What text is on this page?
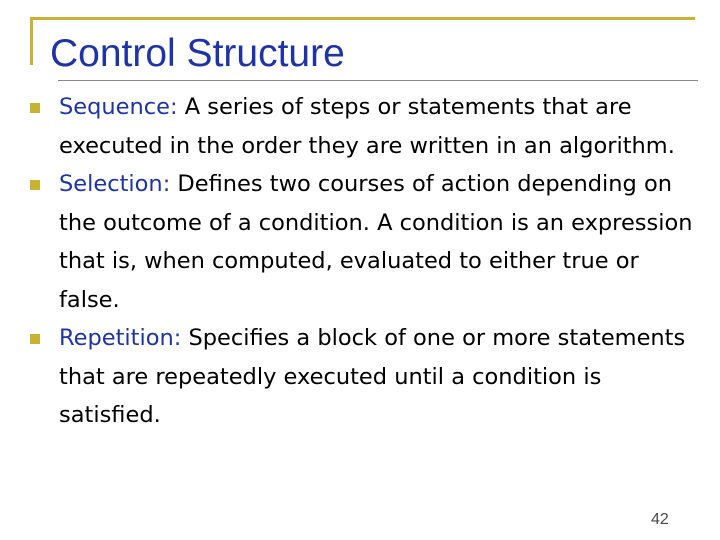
Control Structure
Sequence: A series of steps or statements that are executed in the order they are written in an algorithm.
Selection: Defines two courses of action depending on the outcome of a condition. A condition is an expression that is, when computed, evaluated to either true or false.
Repetition: Specifies a block of one or more statements that are repeatedly executed until a condition is satisfied.
42
